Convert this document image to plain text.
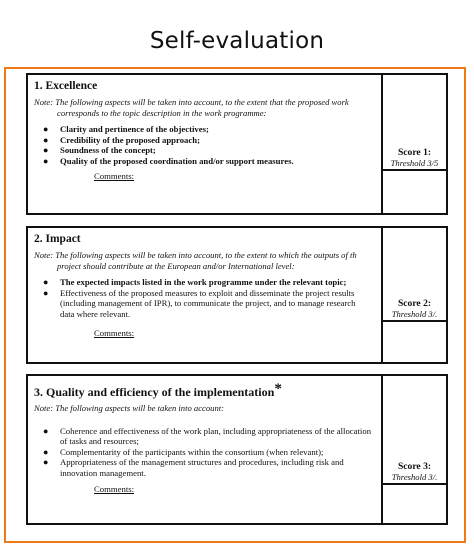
Self-evaluation

1. Excellence

Note: The following aspects will be taken into account, to the extent that the proposed work
corresponds to the topic description in the work programme:

● Clarity and pertinence of the objectives;
● Credibility of the proposed approach;
● Soundness of the concept;
● Quality of the proposed coordination and/or support measures.
Comments:
Score 1:
Threshold 3/5

2. Impact

Note: The following aspects will be taken into account, to the extent to which the outputs of th
project should contribute at the European and/or International level:

● The expected impacts listed in the work programme under the relevant topic;
● Effectiveness of the proposed measures to exploit and disseminate the project results
(including management of IPR), to communicate the project, and to manage research
data where relevant.
Comments:
Score 2:
Threshold 3/.

3. Quality and efficiency of the implementation*

Note: The following aspects will be taken into account:

● Coherence and effectiveness of the work plan, including appropriateness of the allocation of tasks and resources;
● Complementarity of the participants within the consortium (when relevant);
● Appropriateness of the management structures and procedures, including risk and innovation management.
Comments:
Score 3:
Threshold 3/.
